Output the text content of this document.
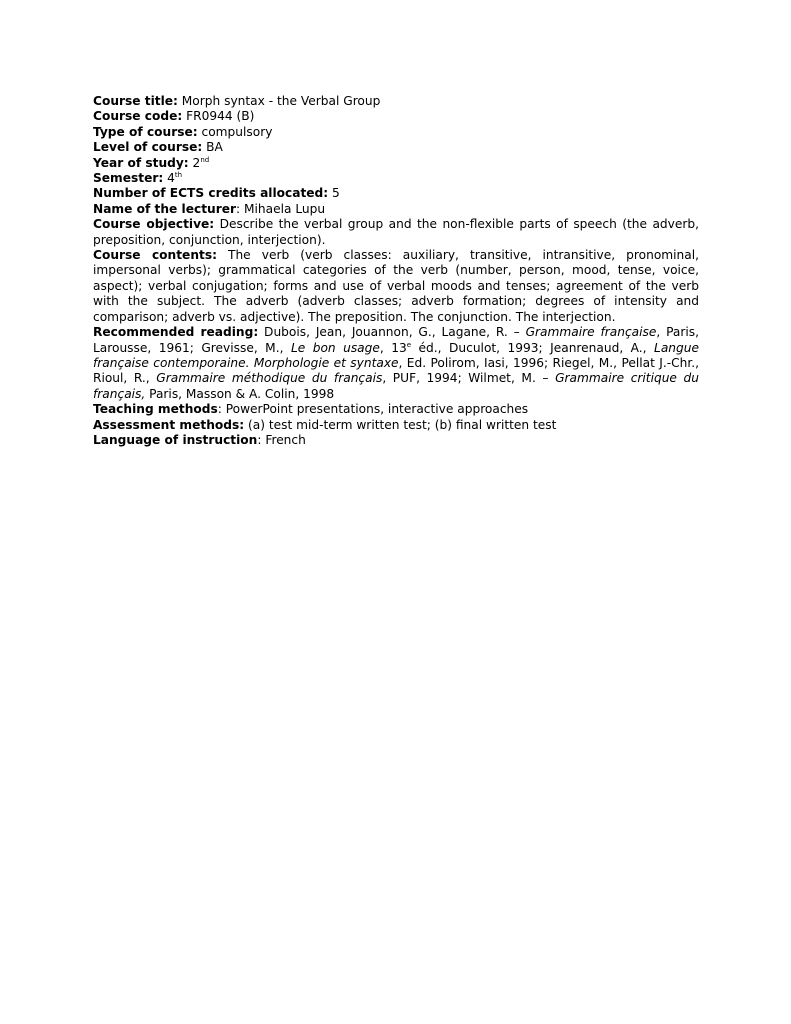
Course title: Morph syntax - the Verbal Group

Course code: FR0944 (B)

Type of course: compulsory

Level of course: BA

Year of study: 2nd

Semester: 4th

Number of ECTS credits allocated: 5

Name of the lecturer: Mihaela Lupu

Course objective: Describe the verbal group and the non-flexible parts of speech (the adverb, preposition, conjunction, interjection).

Course contents: The verb (verb classes: auxiliary, transitive, intransitive, pronominal, impersonal verbs); grammatical categories of the verb (number, person, mood, tense, voice, aspect); verbal conjugation; forms and use of verbal moods and tenses; agreement of the verb with the subject. The adverb (adverb classes; adverb formation; degrees of intensity and comparison; adverb vs. adjective). The preposition. The conjunction. The interjection.

Recommended reading: Dubois, Jean, Jouannon, G., Lagane, R. – Grammaire française, Paris, Larousse, 1961; Grevisse, M., Le bon usage, 13e éd., Duculot, 1993; Jeanrenaud, A., Langue française contemporaine. Morphologie et syntaxe, Ed. Polirom, Iasi, 1996; Riegel, M., Pellat J.-Chr., Rioul, R., Grammaire méthodique du français, PUF, 1994; Wilmet, M. – Grammaire critique du français, Paris, Masson & A. Colin, 1998

Teaching methods: PowerPoint presentations, interactive approaches

Assessment methods: (a) test mid-term written test; (b) final written test

Language of instruction: French
